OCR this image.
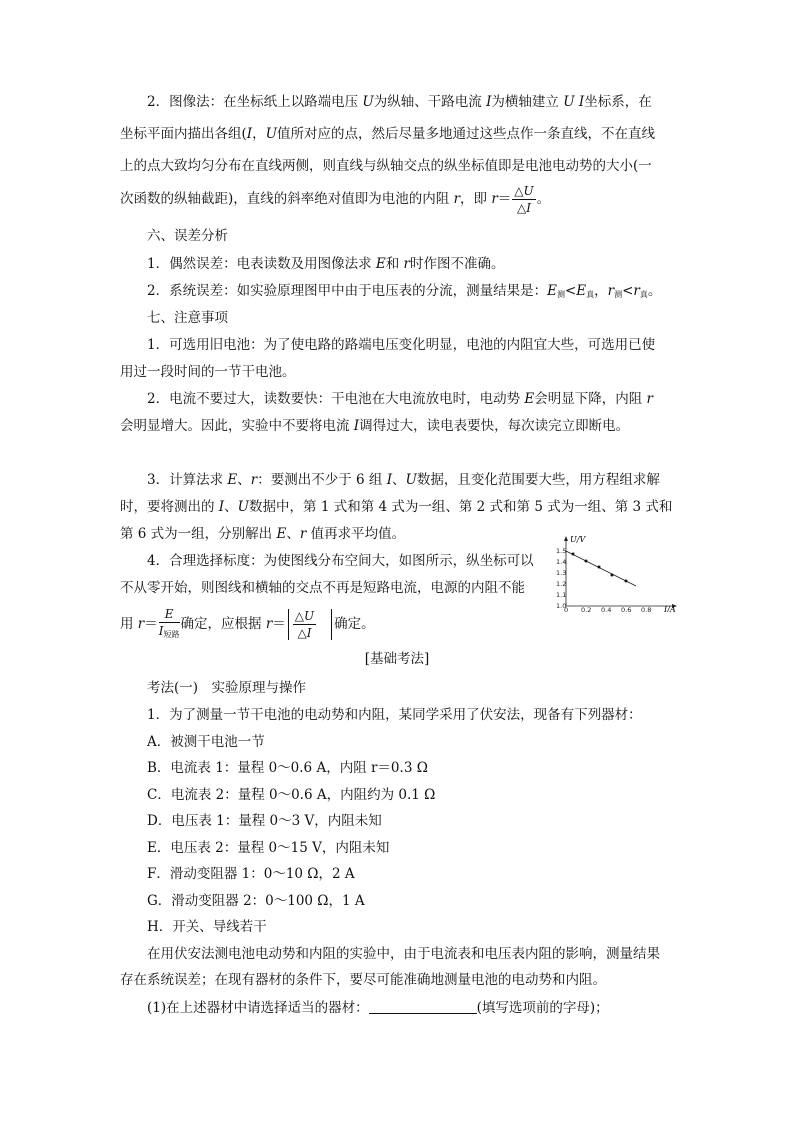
2．图像法：在坐标纸上以路端电压 U为纵轴、干路电流 I为横轴建立 U I坐标系，在
坐标平面内描出各组(I，U值所对应的点，然后尽量多地通过这些点作一条直线，不在直线
上的点大致均匀分布在直线两侧，则直线与纵轴交点的纵坐标值即是电池电动势的大小(一
次函数的纵轴截距)，直线的斜率绝对值即为电池的内阻 r，即 $r= \frac{\triangle U}{\triangle I}$ 。
六、误差分析
1．偶然误差：电表读数及用图像法求 E和 r时作图不准确。
2．系统误差：如实验原理图甲中由于电压表的分流，测量结果是：$E_测<E_真$，$r_测<r_真$。
七、注意事项
1．可选用旧电池：为了使电路的路端电压变化明显，电池的内阻宜大些，可选用已使
用过一段时间的一节干电池。
2．电流不要过大，读数要快：干电池在大电流放电时，电动势 E会明显下降，内阻 r
会明显增大。因此，实验中不要将电流 I调得过大，读电表要快，每次读完立即断电。
3．计算法求 E、r：要测出不少于 6 组 I、U数据，且变化范围要大些，用方程组求解
时，要将测出的 I、U数据中，第 1 式和第 4 式为一组、第 2 式和第 5 式为一组、第 3 式和
第 6 式为一组，分别解出 E、r 值再求平均值。
4．合理选择标度：为使图线分布空间大，如图所示，纵坐标可以
不从零开始，则图线和横轴的交点不再是短路电流，电源的内阻不能
用 $r= \frac{E}{I_{短路}}$ 确定，应根据 $r= \frac{\triangle U}{\triangle I}$ 确定。
U/V
I/A
1.5
1.4
1.3
1.2
1.1
1.0
0 0.2 0.4 0.6 0.8
[基础考法]
考法(一)　实验原理与操作
1．为了测量一节干电池的电动势和内阻，某同学采用了伏安法，现备有下列器材：
A．被测干电池一节
B．电流表 1：量程 0～0.6 A，内阻 r＝0.3 Ω
C．电流表 2：量程 0～0.6 A，内阻约为 0.1 Ω
D．电压表 1：量程 0～3 V，内阻未知
E．电压表 2：量程 0～15 V，内阻未知
F．滑动变阻器 1：0～10 Ω，2 A
G．滑动变阻器 2：0～100 Ω，1 A
H．开关、导线若干
在用伏安法测电池电动势和内阻的实验中，由于电流表和电压表内阻的影响，测量结果
存在系统误差；在现有器材的条件下，要尽可能准确地测量电池的电动势和内阻。
(1)在上述器材中请选择适当的器材：	(填写选项前的字母)；
